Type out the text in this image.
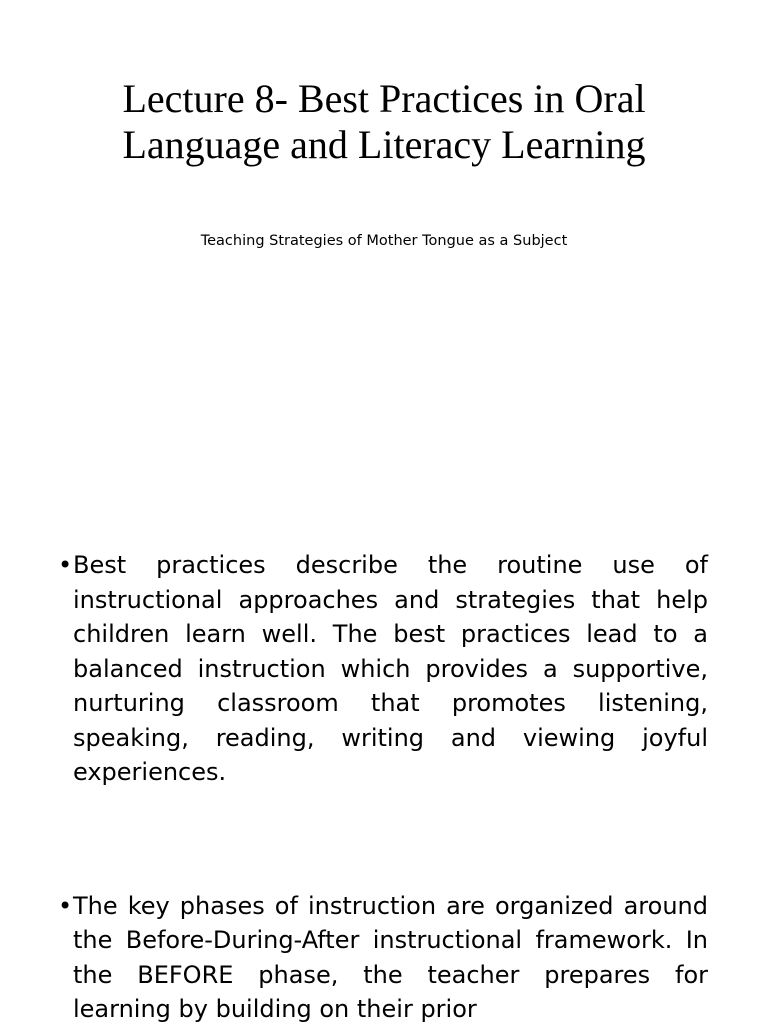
Lecture 8- Best Practices in Oral Language and Literacy Learning

Teaching Strategies of Mother Tongue as a Subject

• Best practices describe the routine use of instructional approaches and strategies that help children learn well. The best practices lead to a balanced instruction which provides a supportive, nurturing classroom that promotes listening, speaking, reading, writing and viewing joyful experiences.
• The key phases of instruction are organized around the Before-During-After instructional framework. In the BEFORE phase, the teacher prepares for learning by building on their prior
